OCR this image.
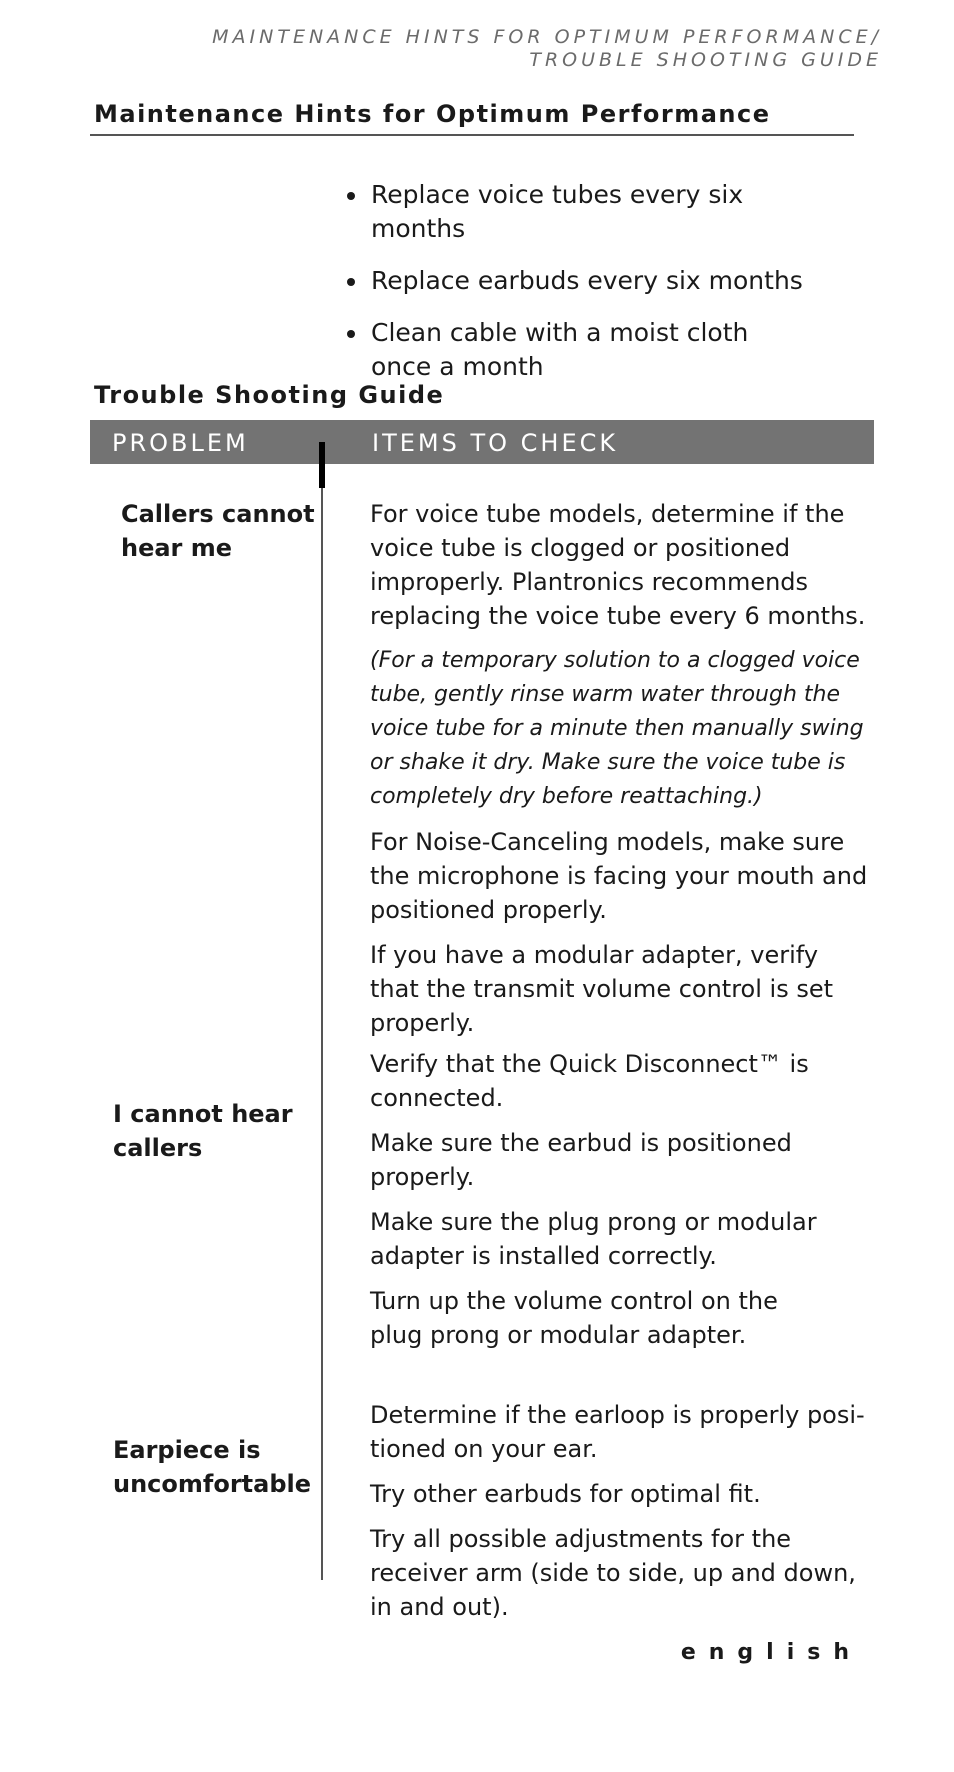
MAINTENANCE HINTS FOR OPTIMUM PERFORMANCE/
TROUBLE SHOOTING GUIDE
Maintenance Hints for Optimum Performance
Replace voice tubes every six months
Replace earbuds every six months
Clean cable with a moist cloth once a month
Trouble Shooting Guide
PROBLEM	ITEMS TO CHECK
Callers cannot hear me
For voice tube models, determine if the voice tube is clogged or positioned improperly. Plantronics recommends replacing the voice tube every 6 months.
(For a temporary solution to a clogged voice tube, gently rinse warm water through the voice tube for a minute then manually swing or shake it dry. Make sure the voice tube is completely dry before reattaching.)
For Noise-Canceling models, make sure the microphone is facing your mouth and positioned properly.
If you have a modular adapter, verify that the transmit volume control is set properly.
I cannot hear callers
Verify that the Quick Disconnect™ is connected.
Make sure the earbud is positioned properly.
Make sure the plug prong or modular adapter is installed correctly.
Turn up the volume control on the plug prong or modular adapter.
Earpiece is uncomfortable
Determine if the earloop is properly posi-tioned on your ear.
Try other earbuds for optimal fit.
Try all possible adjustments for the receiver arm (side to side, up and down, in and out).
english
